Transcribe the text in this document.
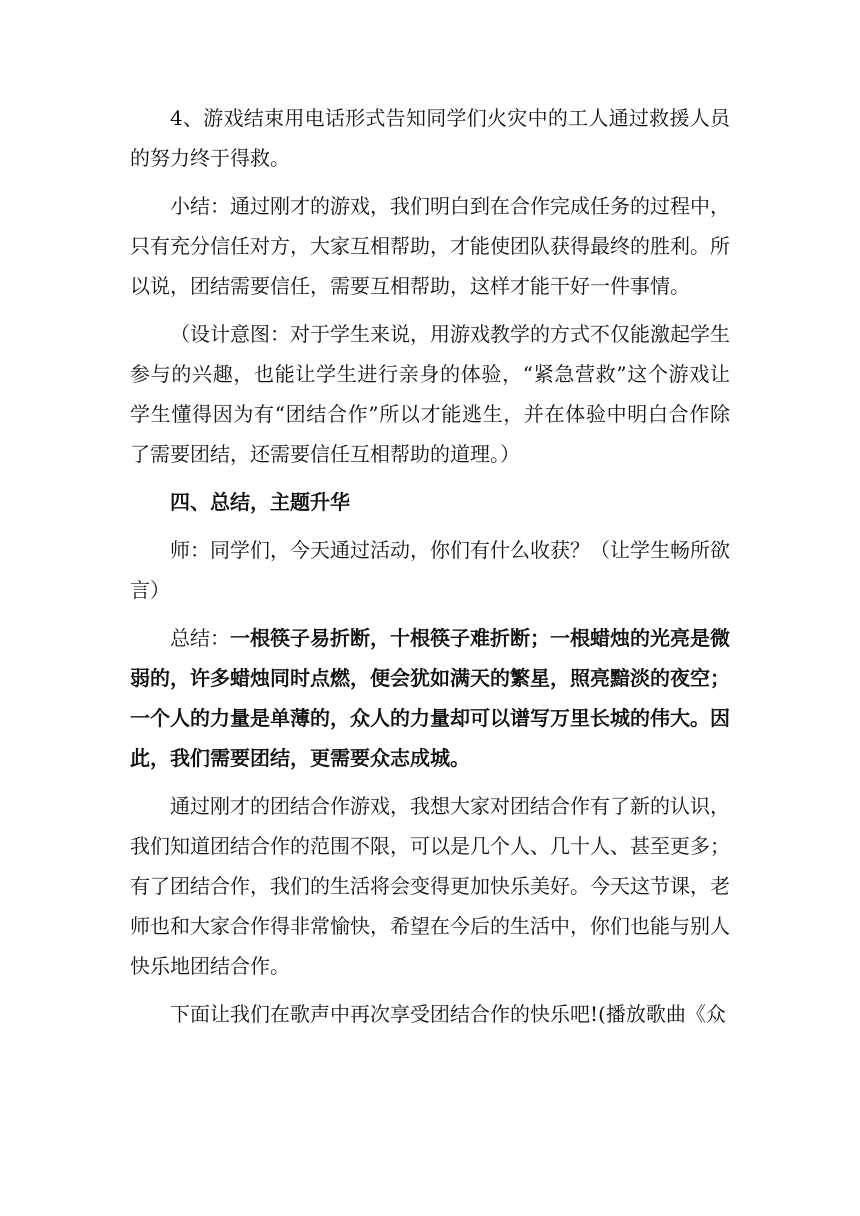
4、游戏结束用电话形式告知同学们火灾中的工人通过救援人员的努力终于得救。

小结：通过刚才的游戏，我们明白到在合作完成任务的过程中，只有充分信任对方，大家互相帮助，才能使团队获得最终的胜利。所以说，团结需要信任，需要互相帮助，这样才能干好一件事情。

（设计意图：对于学生来说，用游戏教学的方式不仅能激起学生参与的兴趣，也能让学生进行亲身的体验，“紧急营救”这个游戏让学生懂得因为有“团结合作”所以才能逃生，并在体验中明白合作除了需要团结，还需要信任互相帮助的道理。）

四、总结，主题升华

师：同学们，今天通过活动，你们有什么收获？（让学生畅所欲言）

总结：一根筷子易折断，十根筷子难折断；一根蜡烛的光亮是微弱的，许多蜡烛同时点燃，便会犹如满天的繁星，照亮黯淡的夜空；一个人的力量是单薄的，众人的力量却可以谱写万里长城的伟大。因此，我们需要团结，更需要众志成城。

通过刚才的团结合作游戏，我想大家对团结合作有了新的认识，我们知道团结合作的范围不限，可以是几个人、几十人、甚至更多；有了团结合作，我们的生活将会变得更加快乐美好。今天这节课，老师也和大家合作得非常愉快，希望在今后的生活中，你们也能与别人快乐地团结合作。

下面让我们在歌声中再次享受团结合作的快乐吧!(播放歌曲《众
